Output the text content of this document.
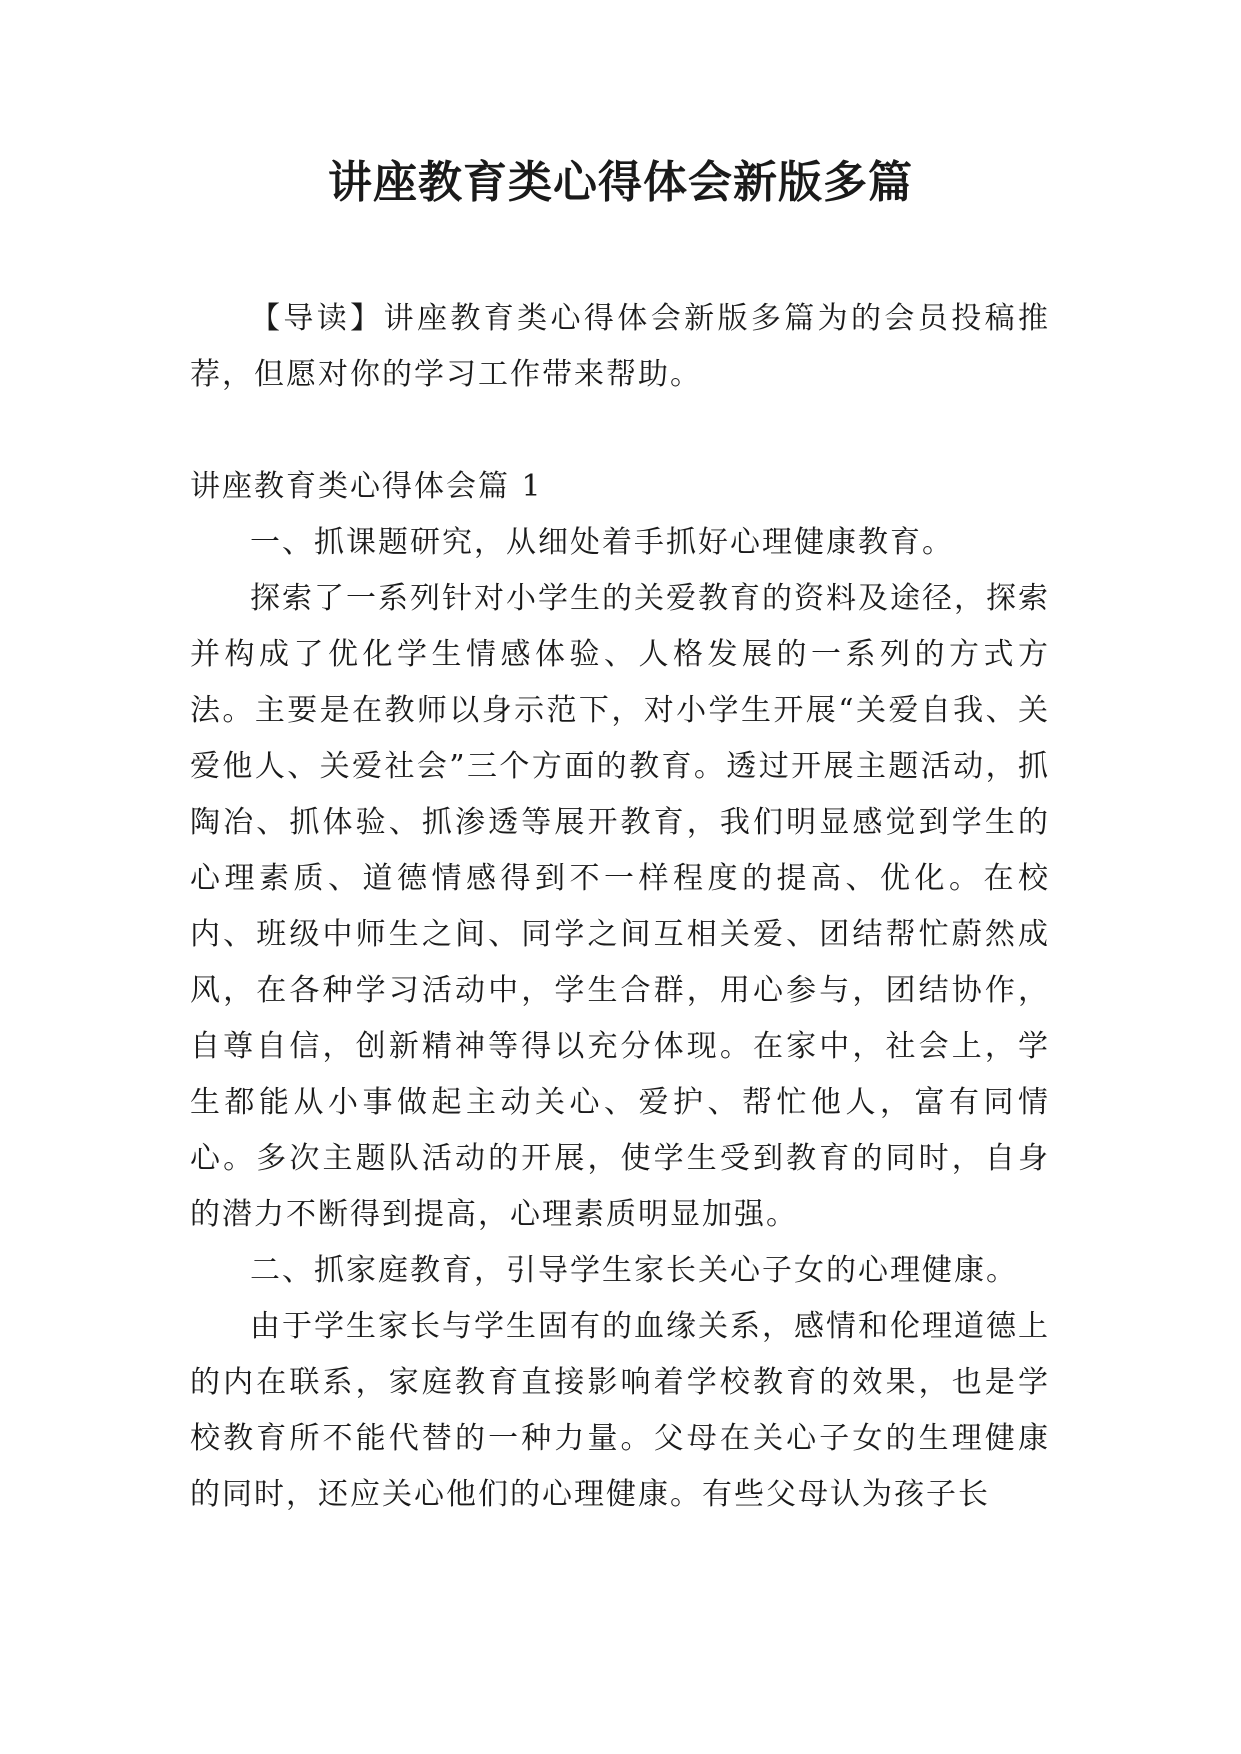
讲座教育类心得体会新版多篇

【导读】讲座教育类心得体会新版多篇为的会员投稿推荐，但愿对你的学习工作带来帮助。

讲座教育类心得体会篇 1

一、抓课题研究，从细处着手抓好心理健康教育。

探索了一系列针对小学生的关爱教育的资料及途径，探索并构成了优化学生情感体验、人格发展的一系列的方式方法。主要是在教师以身示范下，对小学生开展“关爱自我、关爱他人、关爱社会”三个方面的教育。透过开展主题活动，抓陶冶、抓体验、抓渗透等展开教育，我们明显感觉到学生的心理素质、道德情感得到不一样程度的提高、优化。在校内、班级中师生之间、同学之间互相关爱、团结帮忙蔚然成风，在各种学习活动中，学生合群，用心参与，团结协作，自尊自信，创新精神等得以充分体现。在家中，社会上，学生都能从小事做起主动关心、爱护、帮忙他人，富有同情心。多次主题队活动的开展，使学生受到教育的同时，自身的潜力不断得到提高，心理素质明显加强。

二、抓家庭教育，引导学生家长关心子女的心理健康。

由于学生家长与学生固有的血缘关系，感情和伦理道德上的内在联系，家庭教育直接影响着学校教育的效果，也是学校教育所不能代替的一种力量。父母在关心子女的生理健康的同时，还应关心他们的心理健康。有些父母认为孩子长
